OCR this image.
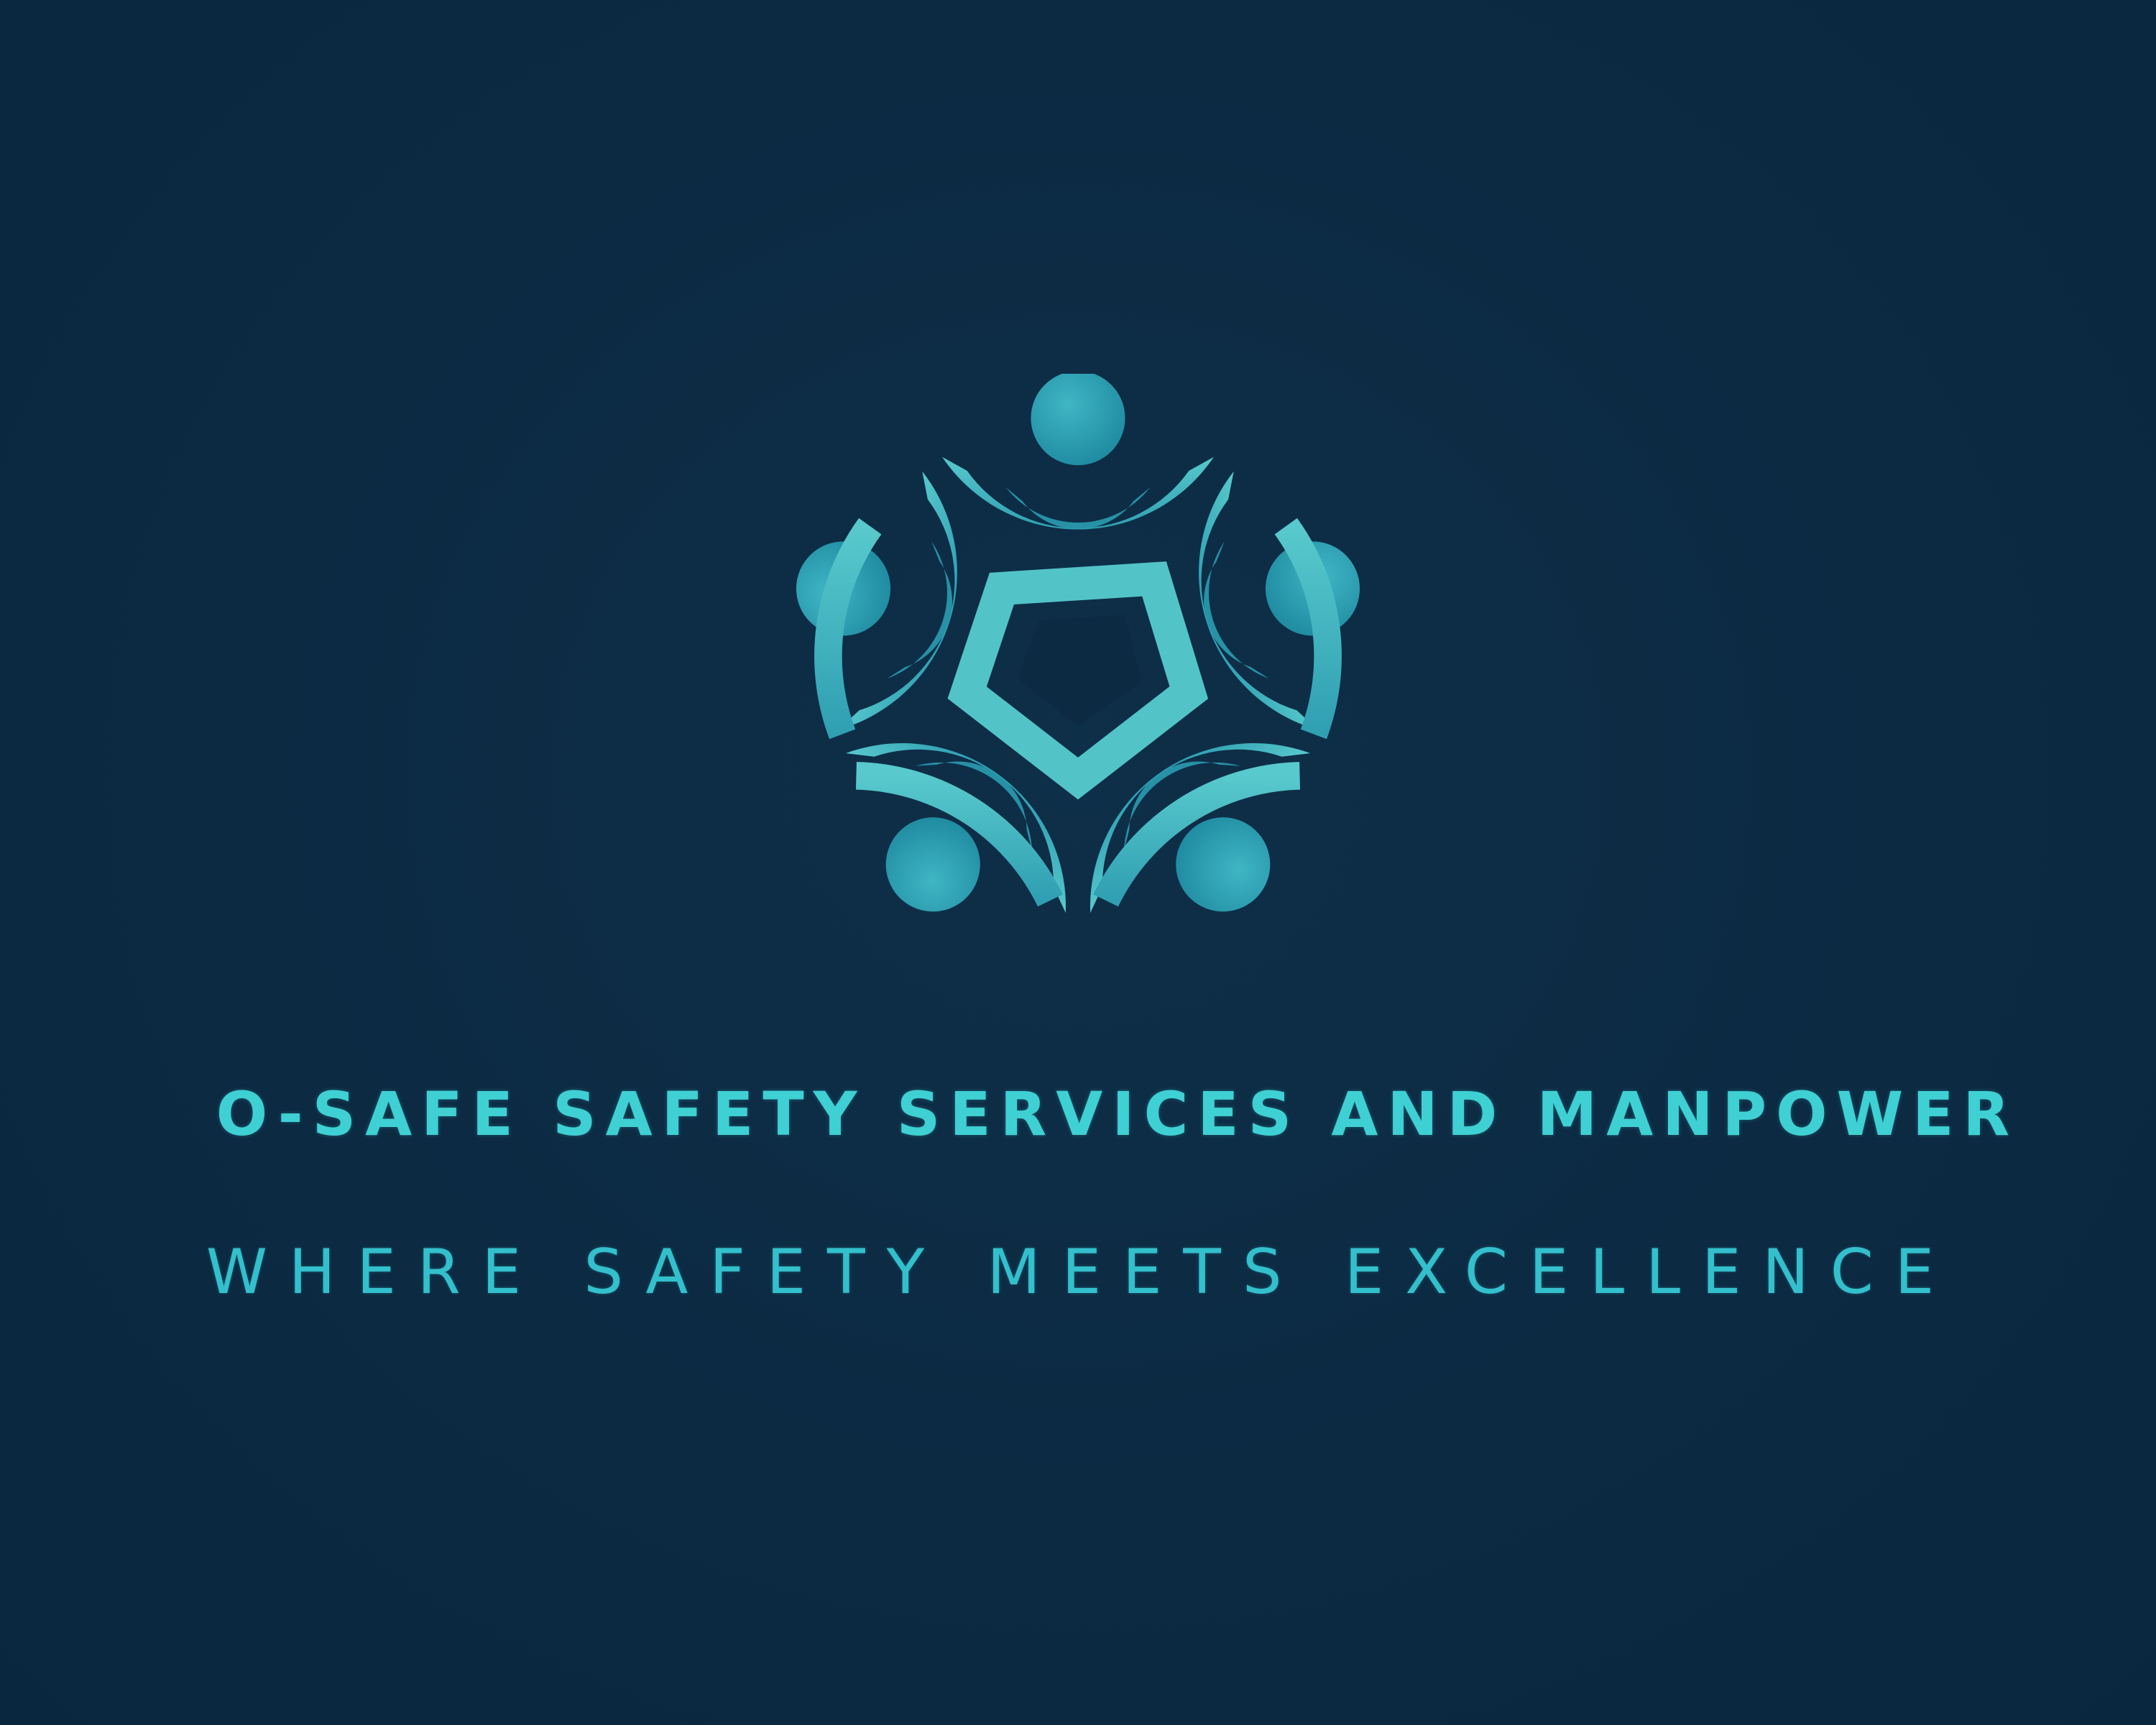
O-SAFE SAFETY SERVICES AND MANPOWER
WHERE SAFETY MEETS EXCELLENCE
